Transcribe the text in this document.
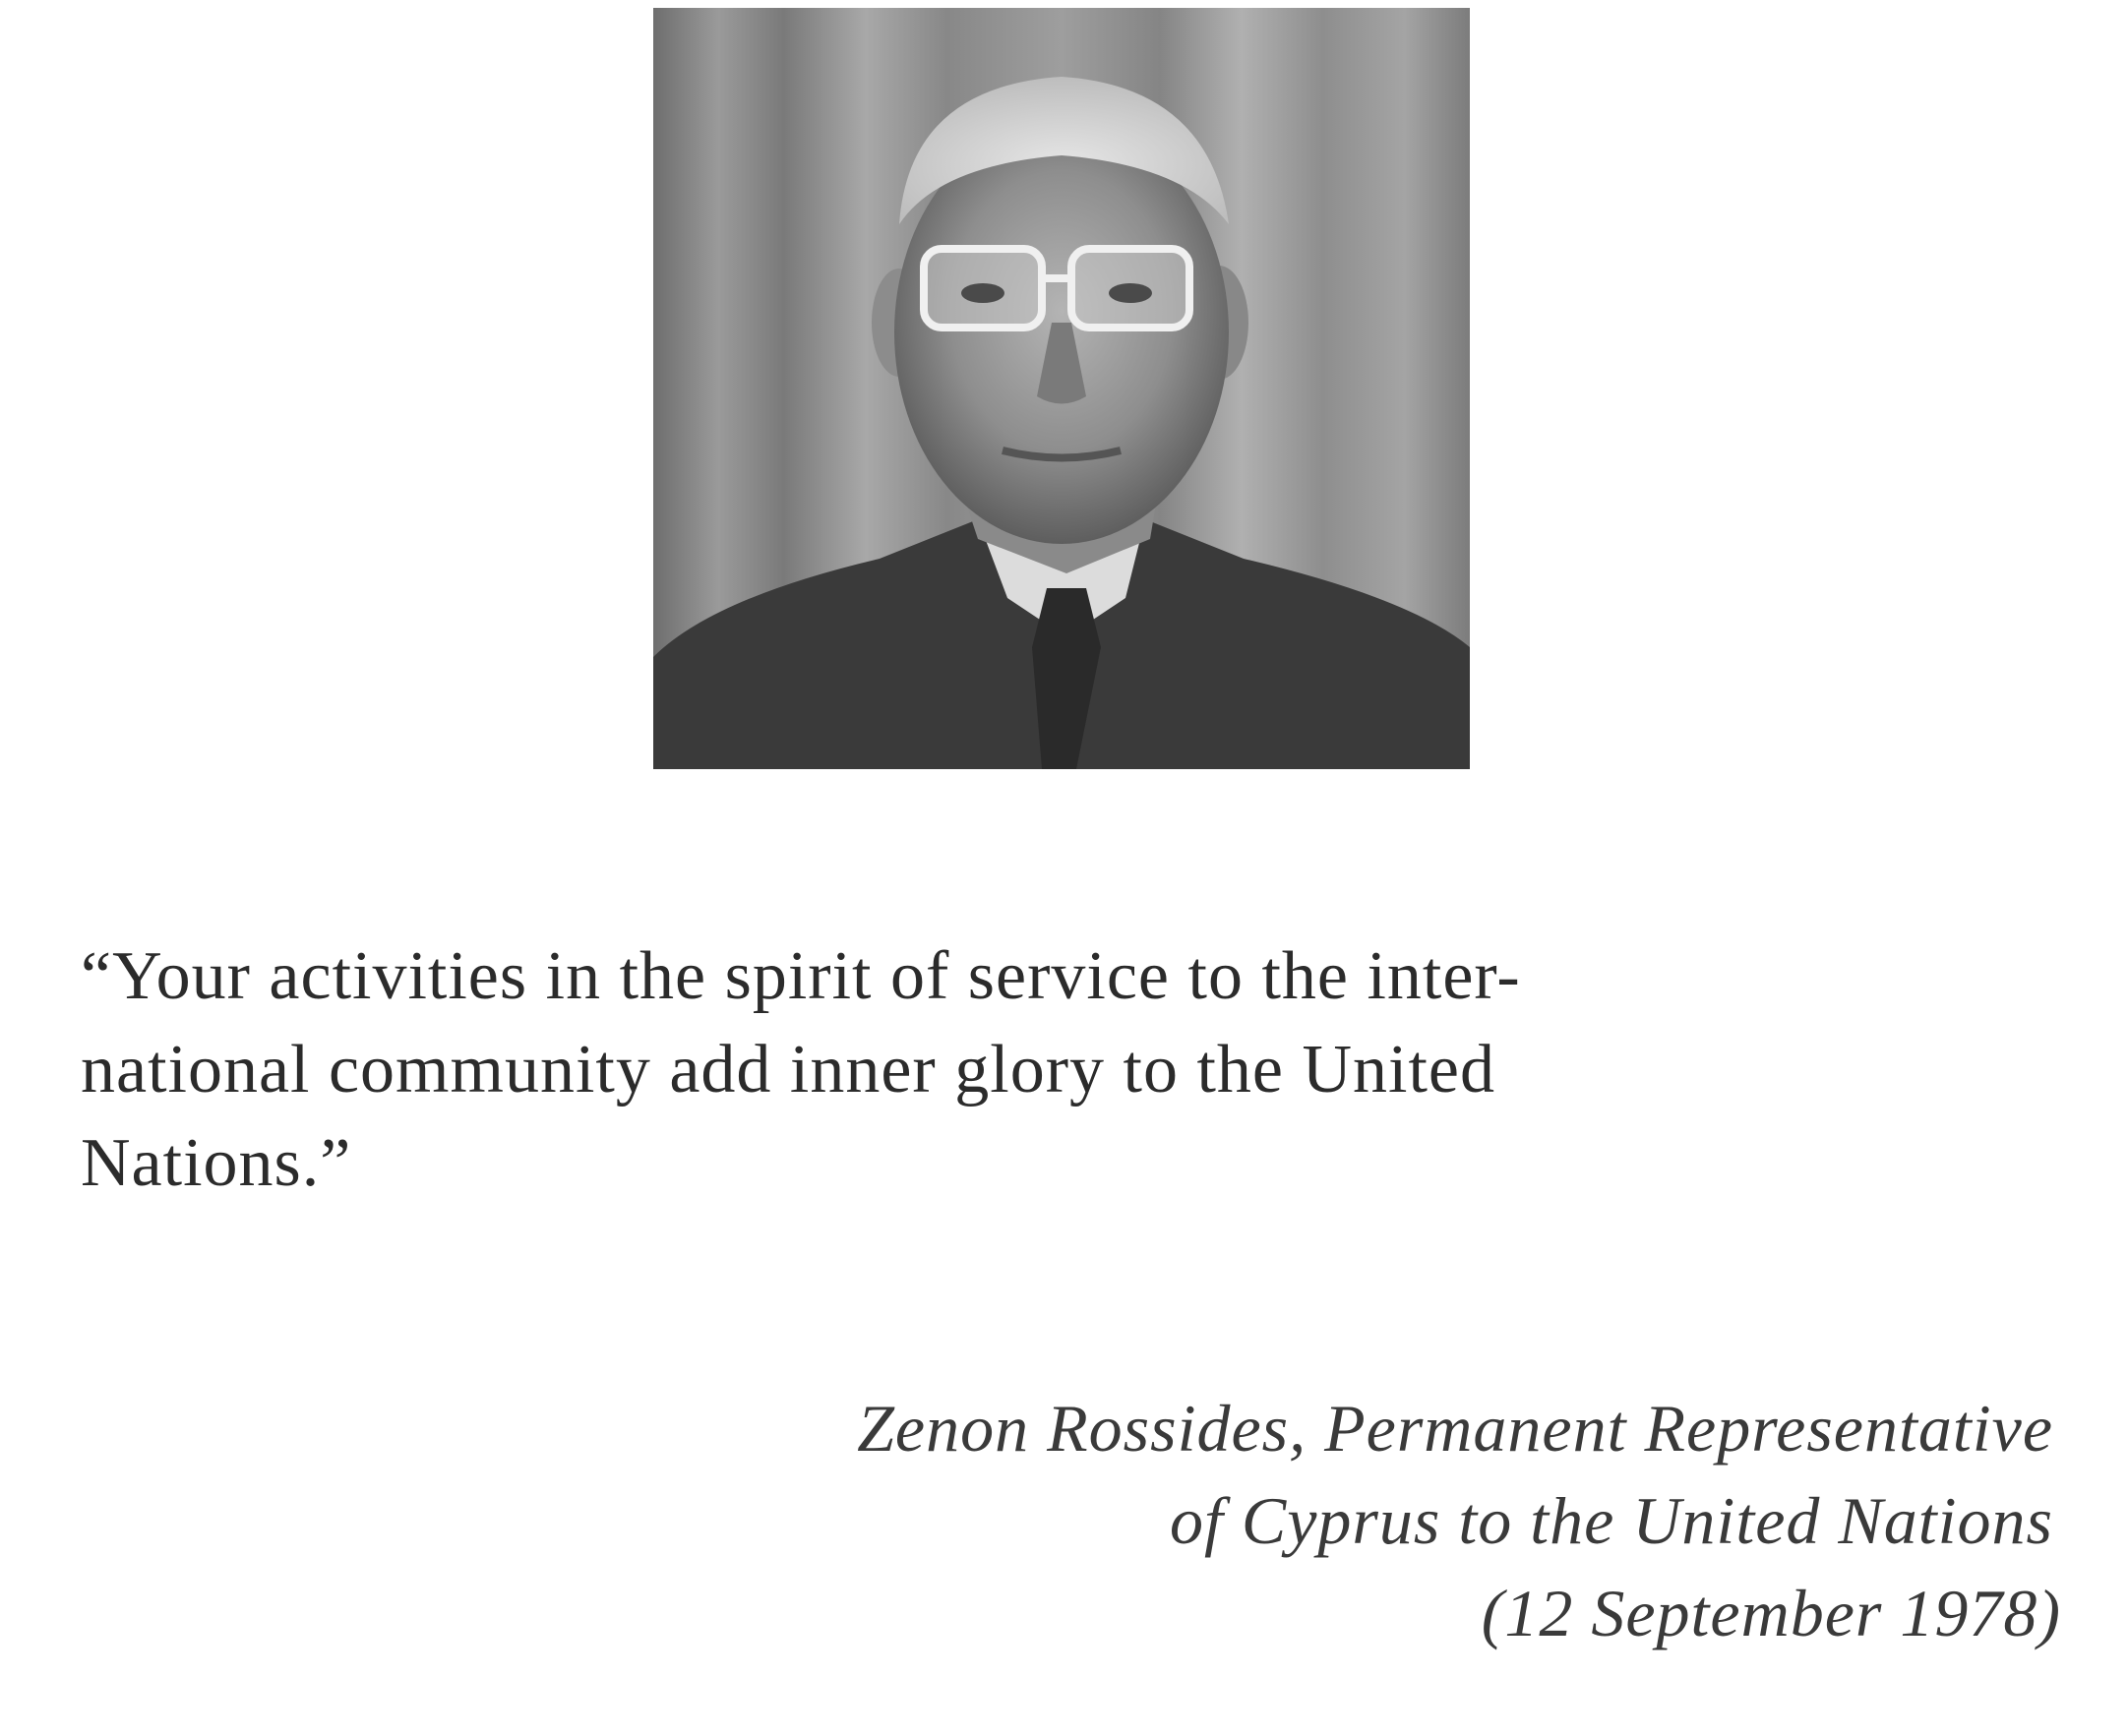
“Your activities in the spirit of service to the inter-
national community add inner glory to the United
Nations.”
Zenon Rossides, Permanent Representative
of Cyprus to the United Nations
(12 September 1978)
